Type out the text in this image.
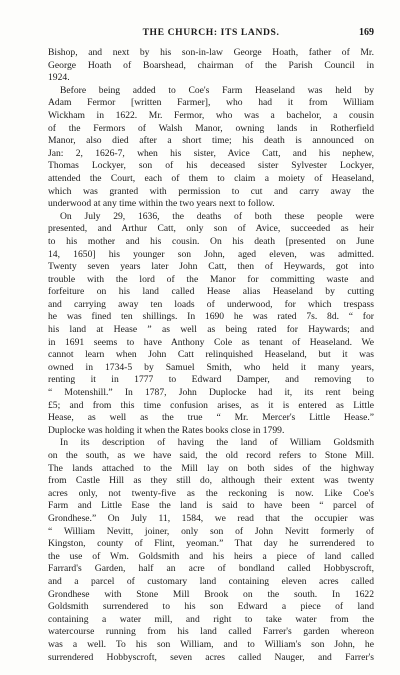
THE CHURCH: ITS LANDS.	169
Bishop, and next by his son-in-law George Hoath, father of Mr.
George Hoath of Boarshead, chairman of the Parish Council in
1924.
Before being added to Coe's Farm Heaseland was held by
Adam Fermor [written Farmer], who had it from William
Wickham in 1622. Mr. Fermor, who was a bachelor, a cousin
of the Fermors of Walsh Manor, owning lands in Rotherfield
Manor, also died after a short time; his death is announced on
Jan: 2, 1626-7, when his sister, Avice Catt, and his nephew,
Thomas Lockyer, son of his deceased sister Sylvester Lockyer,
attended the Court, each of them to claim a moiety of Heaseland,
which was granted with permission to cut and carry away the
underwood at any time within the two years next to follow.
On July 29, 1636, the deaths of both these people were
presented, and Arthur Catt, only son of Avice, succeeded as heir
to his mother and his cousin. On his death [presented on June
14, 1650] his younger son John, aged eleven, was admitted.
Twenty seven years later John Catt, then of Heywards, got into
trouble with the lord of the Manor for committing waste and
forfeiture on his land called Hease alias Heaseland by cutting
and carrying away ten loads of underwood, for which trespass
he was fined ten shillings. In 1690 he was rated 7s. 8d. “ for
his land at Hease ” as well as being rated for Haywards; and
in 1691 seems to have Anthony Cole as tenant of Heaseland. We
cannot learn when John Catt relinquished Heaseland, but it was
owned in 1734-5 by Samuel Smith, who held it many years,
renting it in 1777 to Edward Damper, and removing to
“ Motenshill.” In 1787, John Duplocke had it, its rent being
£5; and from this time confusion arises, as it is entered as Little
Hease, as well as the true “ Mr. Mercer's Little Hease.”
Duplocke was holding it when the Rates books close in 1799.
In its description of having the land of William Goldsmith
on the south, as we have said, the old record refers to Stone Mill.
The lands attached to the Mill lay on both sides of the highway
from Castle Hill as they still do, although their extent was twenty
acres only, not twenty-five as the reckoning is now. Like Coe's
Farm and Little Ease the land is said to have been “ parcel of
Grondhese.” On July 11, 1584, we read that the occupier was
“ William Nevitt, joiner, only son of John Nevitt formerly of
Kingston, county of Flint, yeoman.” That day he surrendered to
the use of Wm. Goldsmith and his heirs a piece of land called
Farrard's Garden, half an acre of bondland called Hobbyscroft,
and a parcel of customary land containing eleven acres called
Grondhese with Stone Mill Brook on the south. In 1622
Goldsmith surrendered to his son Edward a piece of land
containing a water mill, and right to take water from the
watercourse running from his land called Farrer's garden whereon
was a well. To his son William, and to William's son John, he
surrendered Hobbyscroft, seven acres called Nauger, and Farrer's
